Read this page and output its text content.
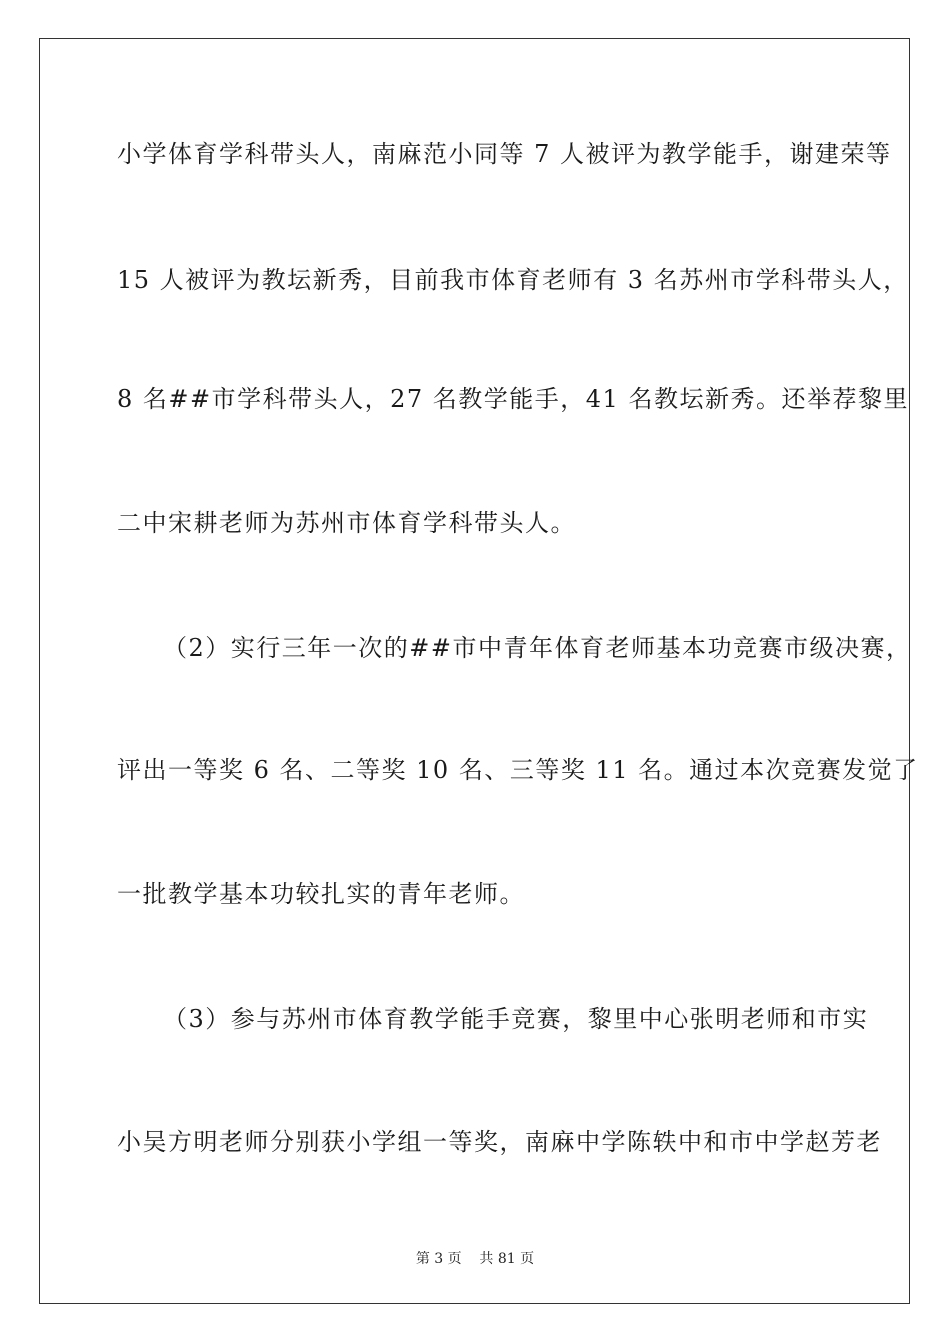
小学体育学科带头人，南麻范小同等 7 人被评为教学能手，谢建荣等
15 人被评为教坛新秀，目前我市体育老师有 3 名苏州市学科带头人，
8 名##市学科带头人，27 名教学能手，41 名教坛新秀。还举荐黎里
二中宋耕老师为苏州市体育学科带头人。
（2）实行三年一次的##市中青年体育老师基本功竞赛市级决赛，
评出一等奖 6 名、二等奖 10 名、三等奖 11 名。通过本次竞赛发觉了
一批教学基本功较扎实的青年老师。
（3）参与苏州市体育教学能手竞赛，黎里中心张明老师和市实
小吴方明老师分别获小学组一等奖，南麻中学陈轶中和市中学赵芳老
第 3 页    共 81 页
